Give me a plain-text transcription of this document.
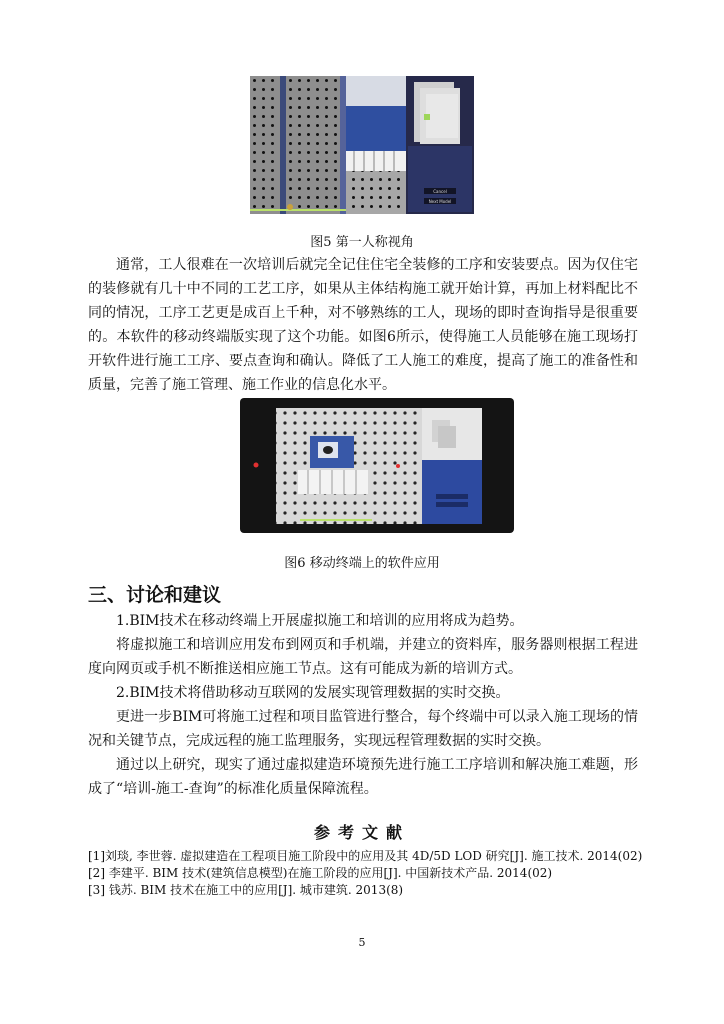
Cancel
Next Model
图5 第一人称视角
通常，工人很难在一次培训后就完全记住住宅全装修的工序和安装要点。因为仅住宅的装修就有几十中不同的工艺工序，如果从主体结构施工就开始计算，再加上材料配比不同的情况，工序工艺更是成百上千种，对不够熟练的工人，现场的即时查询指导是很重要的。本软件的移动终端版实现了这个功能。如图6所示，使得施工人员能够在施工现场打开软件进行施工工序、要点查询和确认。降低了工人施工的难度，提高了施工的准备性和质量，完善了施工管理、施工作业的信息化水平。
图6 移动终端上的软件应用
三、讨论和建议
1.BIM技术在移动终端上开展虚拟施工和培训的应用将成为趋势。
将虚拟施工和培训应用发布到网页和手机端，并建立的资料库，服务器则根据工程进度向网页或手机不断推送相应施工节点。这有可能成为新的培训方式。
2.BIM技术将借助移动互联网的发展实现管理数据的实时交换。
更进一步BIM可将施工过程和项目监管进行整合，每个终端中可以录入施工现场的情况和关键节点，完成远程的施工监理服务，实现远程管理数据的实时交换。
通过以上研究，现实了通过虚拟建造环境预先进行施工工序培训和解决施工难题，形成了“培训-施工-查询”的标准化质量保障流程。
参考文献
[1]刘琰, 李世蓉. 虚拟建造在工程项目施工阶段中的应用及其 4D/5D LOD 研究[J]. 施工技术. 2014(02)
[2] 李建平. BIM 技术(建筑信息模型)在施工阶段的应用[J]. 中国新技术产品. 2014(02)
[3] 钱苏. BIM 技术在施工中的应用[J]. 城市建筑. 2013(8)
5
